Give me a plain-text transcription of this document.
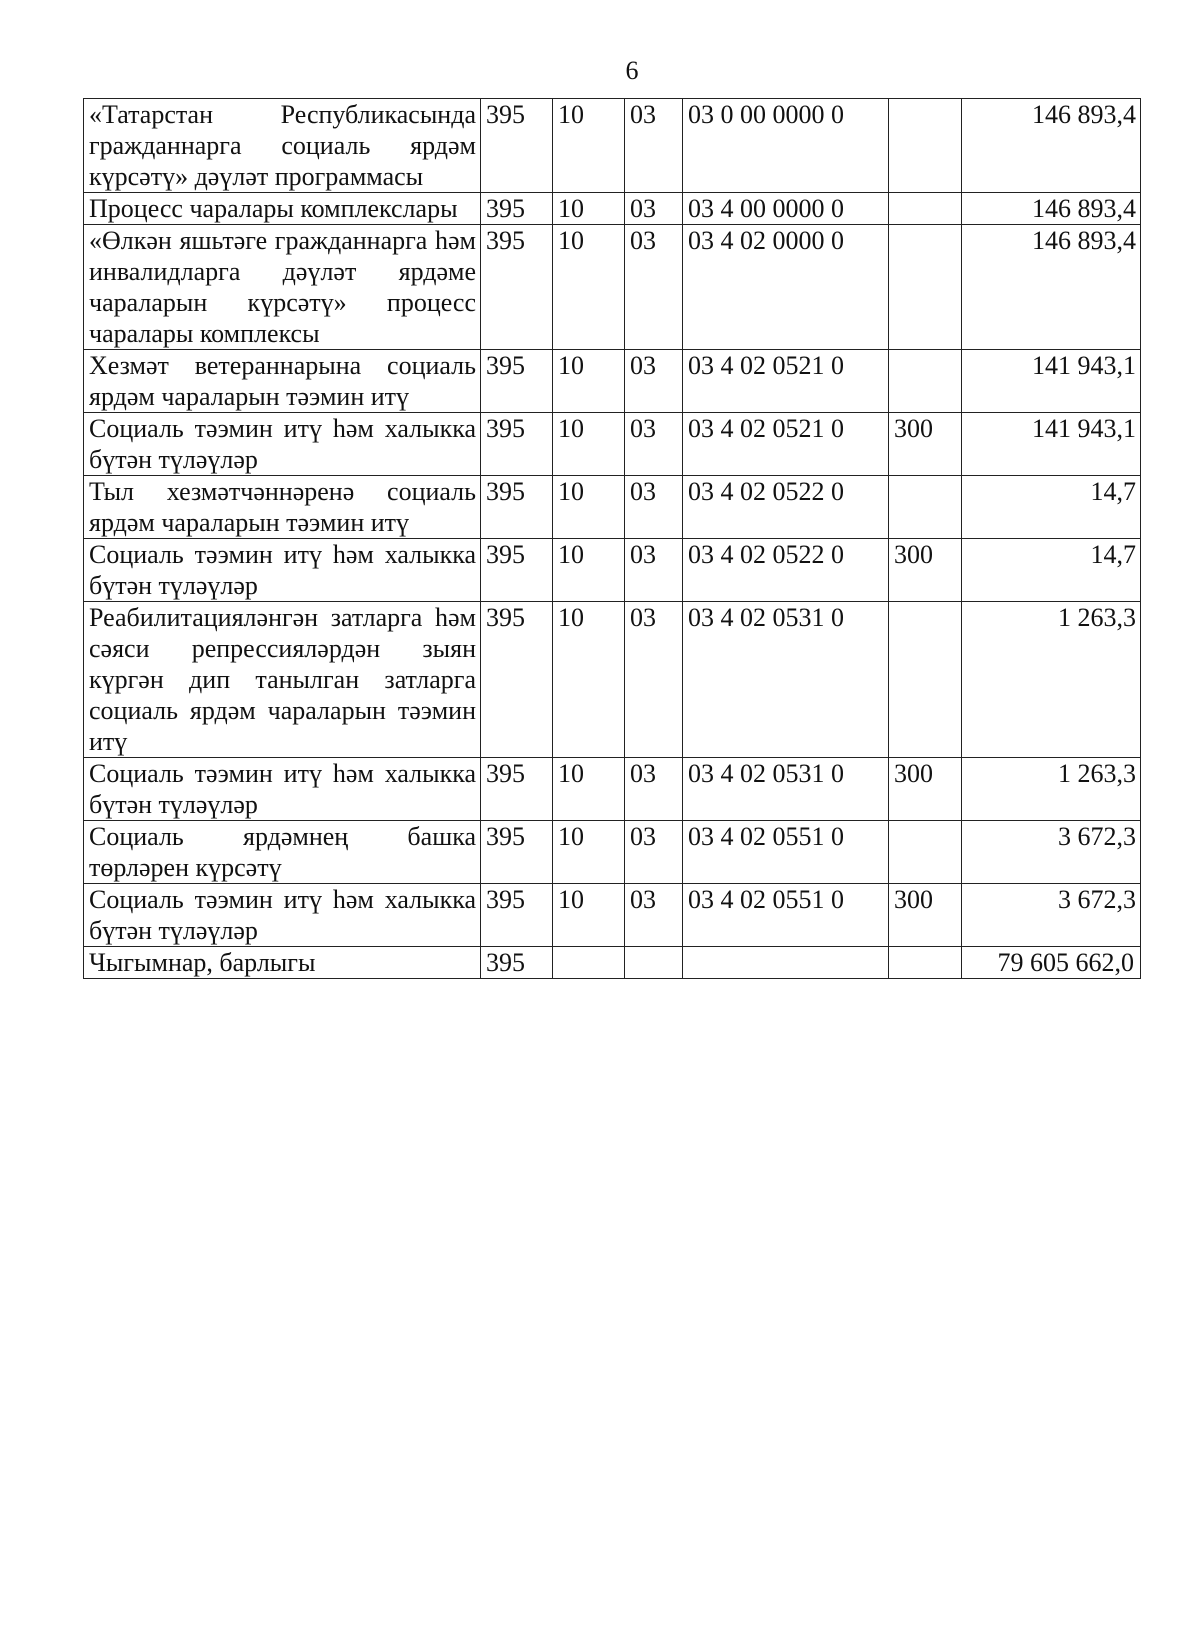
6
«Татарстан Республикасында гражданнарга социаль ярдәм күрсәтү» дәүләт программасы	395	10	03	03 0 00 0000 0		146 893,4
Процесс чаралары комплекслары	395	10	03	03 4 00 0000 0		146 893,4
«Өлкән яшьтәге гражданнарга һәм инвалидларга дәүләт ярдәме чараларын күрсәтү» процесс чаралары комплексы	395	10	03	03 4 02 0000 0		146 893,4
Хезмәт ветераннарына социаль ярдәм чараларын тәэмин итү	395	10	03	03 4 02 0521 0		141 943,1
Социаль тәэмин итү һәм халыкка бүтән түләүләр	395	10	03	03 4 02 0521 0	300	141 943,1
Тыл хезмәтчәннәренә социаль ярдәм чараларын тәэмин итү	395	10	03	03 4 02 0522 0		14,7
Социаль тәэмин итү һәм халыкка бүтән түләүләр	395	10	03	03 4 02 0522 0	300	14,7
Реабилитацияләнгән затларга һәм сәяси репрессияләрдән зыян күргән дип танылган затларга социаль ярдәм чараларын тәэмин итү	395	10	03	03 4 02 0531 0		1 263,3
Социаль тәэмин итү һәм халыкка бүтән түләүләр	395	10	03	03 4 02 0531 0	300	1 263,3
Социаль ярдәмнең башка төрләрен күрсәтү	395	10	03	03 4 02 0551 0		3 672,3
Социаль тәэмин итү һәм халыкка бүтән түләүләр	395	10	03	03 4 02 0551 0	300	3 672,3
Чыгымнар, барлыгы	395					79 605 662,0
